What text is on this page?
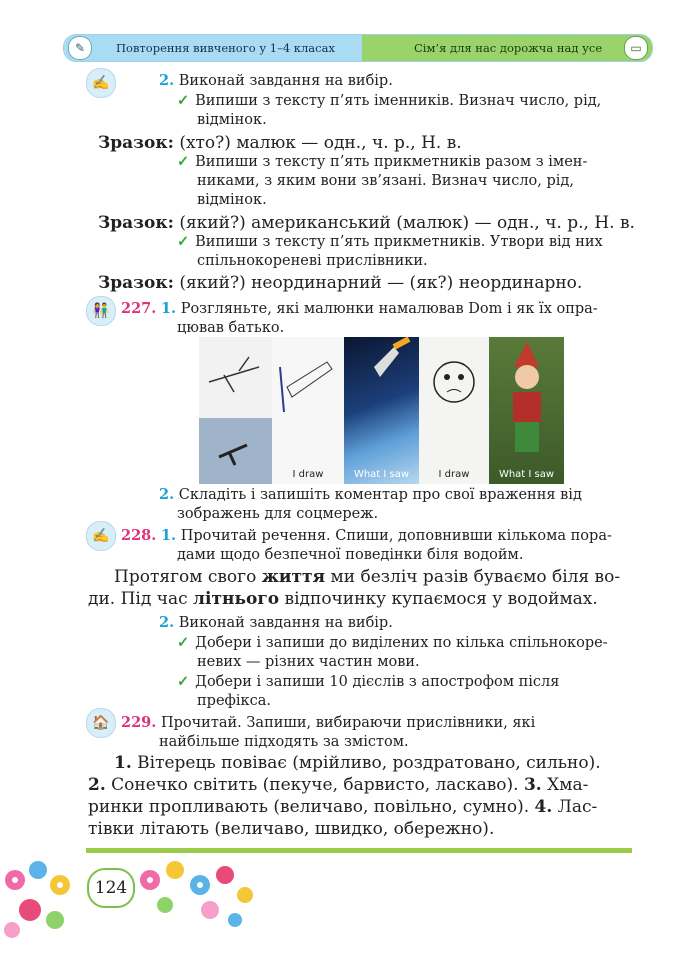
✎	Повторення вивченого у 1–4 класах	Сім’я для нас дорожча над усе	▭
✍	2. Виконай завдання на вибір.
✓ Випиши з тексту п’ять іменників. Визнач число, рід,
відмінок.
Зразок: (хто?) малюк — одн., ч. р., Н. в.
✓ Випиши з тексту п’ять прикметників разом з імен-
никами, з яким вони зв’язані. Визнач число, рід,
відмінок.
Зразок: (який?) американський (малюк) — одн., ч. р., Н. в.
✓ Випиши з тексту п’ять прикметників. Утвори від них
спільнокореневі прислівники.
Зразок: (який?) неординарний — (як?) неординарно.
👫 227. 1. Розгляньте, які малюнки намалював Dom і як їх опра-
цював батько.
I draw	What I saw	I draw	What I saw
2. Складіть і запишіть коментар про свої враження від
зображень для соцмереж.
✍ 228. 1. Прочитай речення. Спиши, доповнивши кількома пора-
дами щодо безпечної поведінки біля водойм.
Протягом свого життя ми безліч разів буваємо біля во-
ди. Під час літнього відпочинку купаємося у водоймах.
2. Виконай завдання на вибір.
✓ Добери і запиши до виділених по кілька спільнокоре-
невих — різних частин мови.
✓ Добери і запиши 10 дієслів з апострофом після
префікса.
🏠 229. Прочитай. Запиши, вибираючи прислівники, які
найбільше підходять за змістом.
1. Вітерець повіває (мрійливо, роздратовано, сильно).
2. Сонечко світить (пекуче, барвисто, ласкаво). 3. Хма-
ринки пропливають (величаво, повільно, сумно). 4. Лас-
тівки літають (величаво, швидко, обережно).
124
